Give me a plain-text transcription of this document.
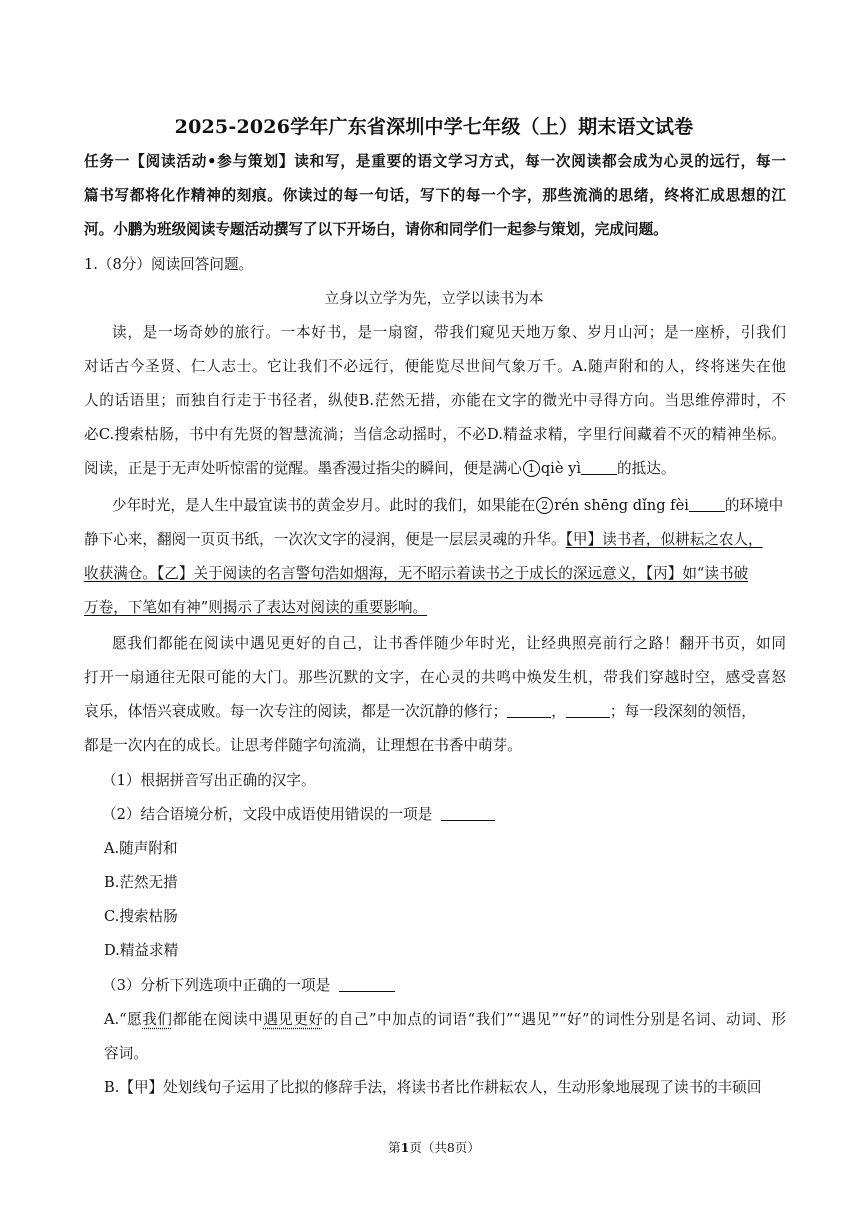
2025-2026学年广东省深圳中学七年级（上）期末语文试卷
任务一【阅读活动•参与策划】读和写，是重要的语文学习方式，每一次阅读都会成为心灵的远行，每一
篇书写都将化作精神的刻痕。你读过的每一句话，写下的每一个字，那些流淌的思绪，终将汇成思想的江
河。小鹏为班级阅读专题活动撰写了以下开场白，请你和同学们一起参与策划，完成问题。
1.（8分）阅读回答问题。
立身以立学为先，立学以读书为本
读，是一场奇妙的旅行。一本好书，是一扇窗，带我们窥见天地万象、岁月山河；是一座桥，引我们
对话古今圣贤、仁人志士。它让我们不必远行，便能览尽世间气象万千。A.随声附和的人，终将迷失在他
人的话语里；而独自行走于书径者，纵使B.茫然无措，亦能在文字的微光中寻得方向。当思维停滞时，不
必C.搜索枯肠，书中有先贤的智慧流淌；当信念动摇时，不必D.精益求精，字里行间藏着不灭的精神坐标。
阅读，正是于无声处听惊雷的觉醒。墨香漫过指尖的瞬间，便是满心 1 qiè yì 的抵达。
少年时光，是人生中最宜读书的黄金岁月。此时的我们，如果能在 2 rén shēng dǐng fèi 的环境中
静下心来，翻阅一页页书纸，一次次文字的浸润，便是一层层灵魂的升华。【甲】读书者，似耕耘之农人，
收获满仓。【乙】关于阅读的名言警句浩如烟海，无不昭示着读书之于成长的深远意义，【丙】如“读书破
万卷，下笔如有神”则揭示了表达对阅读的重要影响。
愿我们都能在阅读中遇见更好的自己，让书香伴随少年时光，让经典照亮前行之路！翻开书页，如同
打开一扇通往无限可能的大门。那些沉默的文字，在心灵的共鸣中焕发生机，带我们穿越时空，感受喜怒
哀乐，体悟兴衰成败。每一次专注的阅读，都是一次沉静的修行；	，	；每一段深刻的领悟，
都是一次内在的成长。让思考伴随字句流淌，让理想在书香中萌芽。
（1）根据拼音写出正确的汉字。
（2）结合语境分析，文段中成语使用错误的一项是
A.随声附和
B.茫然无措
C.搜索枯肠
D.精益求精
（3）分析下列选项中正确的一项是
A.“愿我们都能在阅读中遇见更好的自己”中加点的词语“我们”“遇见”“好”的词性分别是名词、动词、形
容词。
B.【甲】处划线句子运用了比拟的修辞手法，将读书者比作耕耘农人，生动形象地展现了读书的丰硕回
第1页（共8页）
